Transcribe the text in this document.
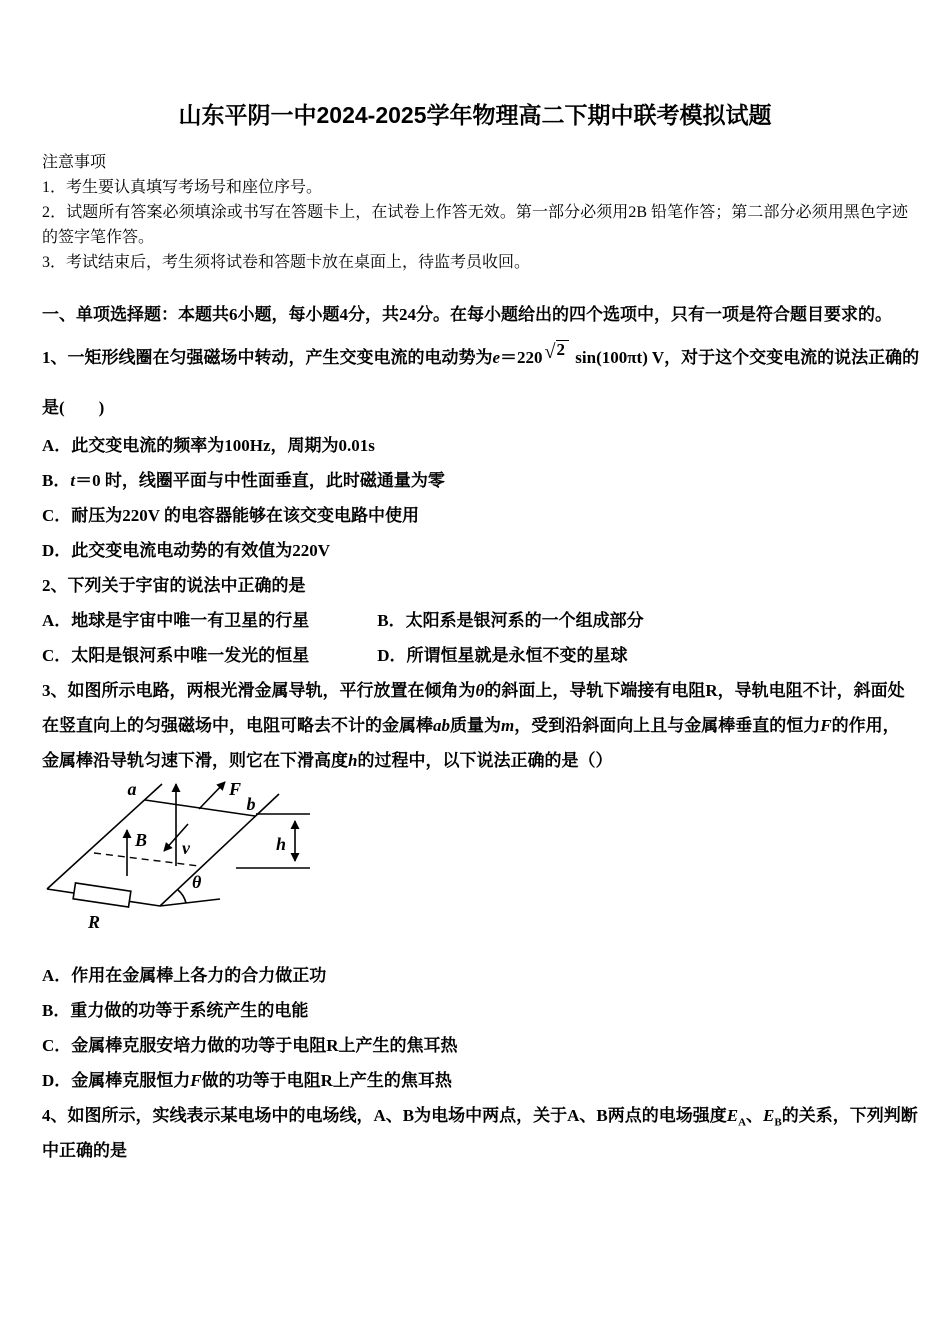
山东平阴一中2024-2025学年物理高二下期中联考模拟试题
注意事项
1．考生要认真填写考场号和座位序号。
2．试题所有答案必须填涂或书写在答题卡上，在试卷上作答无效。第一部分必须用2B 铅笔作答；第二部分必须用黑色字迹的签字笔作答。
3．考试结束后，考生须将试卷和答题卡放在桌面上，待监考员收回。
一、单项选择题：本题共6小题，每小题4分，共24分。在每小题给出的四个选项中，只有一项是符合题目要求的。
1、一矩形线圈在匀强磁场中转动，产生交变电流的电动势为e＝220 √2 sin(100πt) V，对于这个交变电流的说法正确的
是(　　)
A．此交变电流的频率为100Hz，周期为0.01s
B．t＝0 时，线圈平面与中性面垂直，此时磁通量为零
C．耐压为220V 的电容器能够在该交变电路中使用
D．此交变电流电动势的有效值为220V
2、下列关于宇宙的说法中正确的是
A．地球是宇宙中唯一有卫星的行星	B．太阳系是银河系的一个组成部分
C．太阳是银河系中唯一发光的恒星	D．所谓恒星就是永恒不变的星球
3、如图所示电路，两根光滑金属导轨，平行放置在倾角为θ的斜面上，导轨下端接有电阻R，导轨电阻不计，斜面处
在竖直向上的匀强磁场中，电阻可略去不计的金属棒ab质量为m，受到沿斜面向上且与金属棒垂直的恒力F的作用，
金属棒沿导轨匀速下滑，则它在下滑高度h的过程中，以下说法正确的是（）
R
B v
F
a
b
θ
h
A．作用在金属棒上各力的合力做正功
B．重力做的功等于系统产生的电能
C．金属棒克服安培力做的功等于电阻R上产生的焦耳热
D．金属棒克服恒力F做的功等于电阻R上产生的焦耳热
4、如图所示，实线表示某电场中的电场线，A、B为电场中两点，关于A、B两点的电场强度$E_A$、$E_B$的关系，下列判断
中正确的是
